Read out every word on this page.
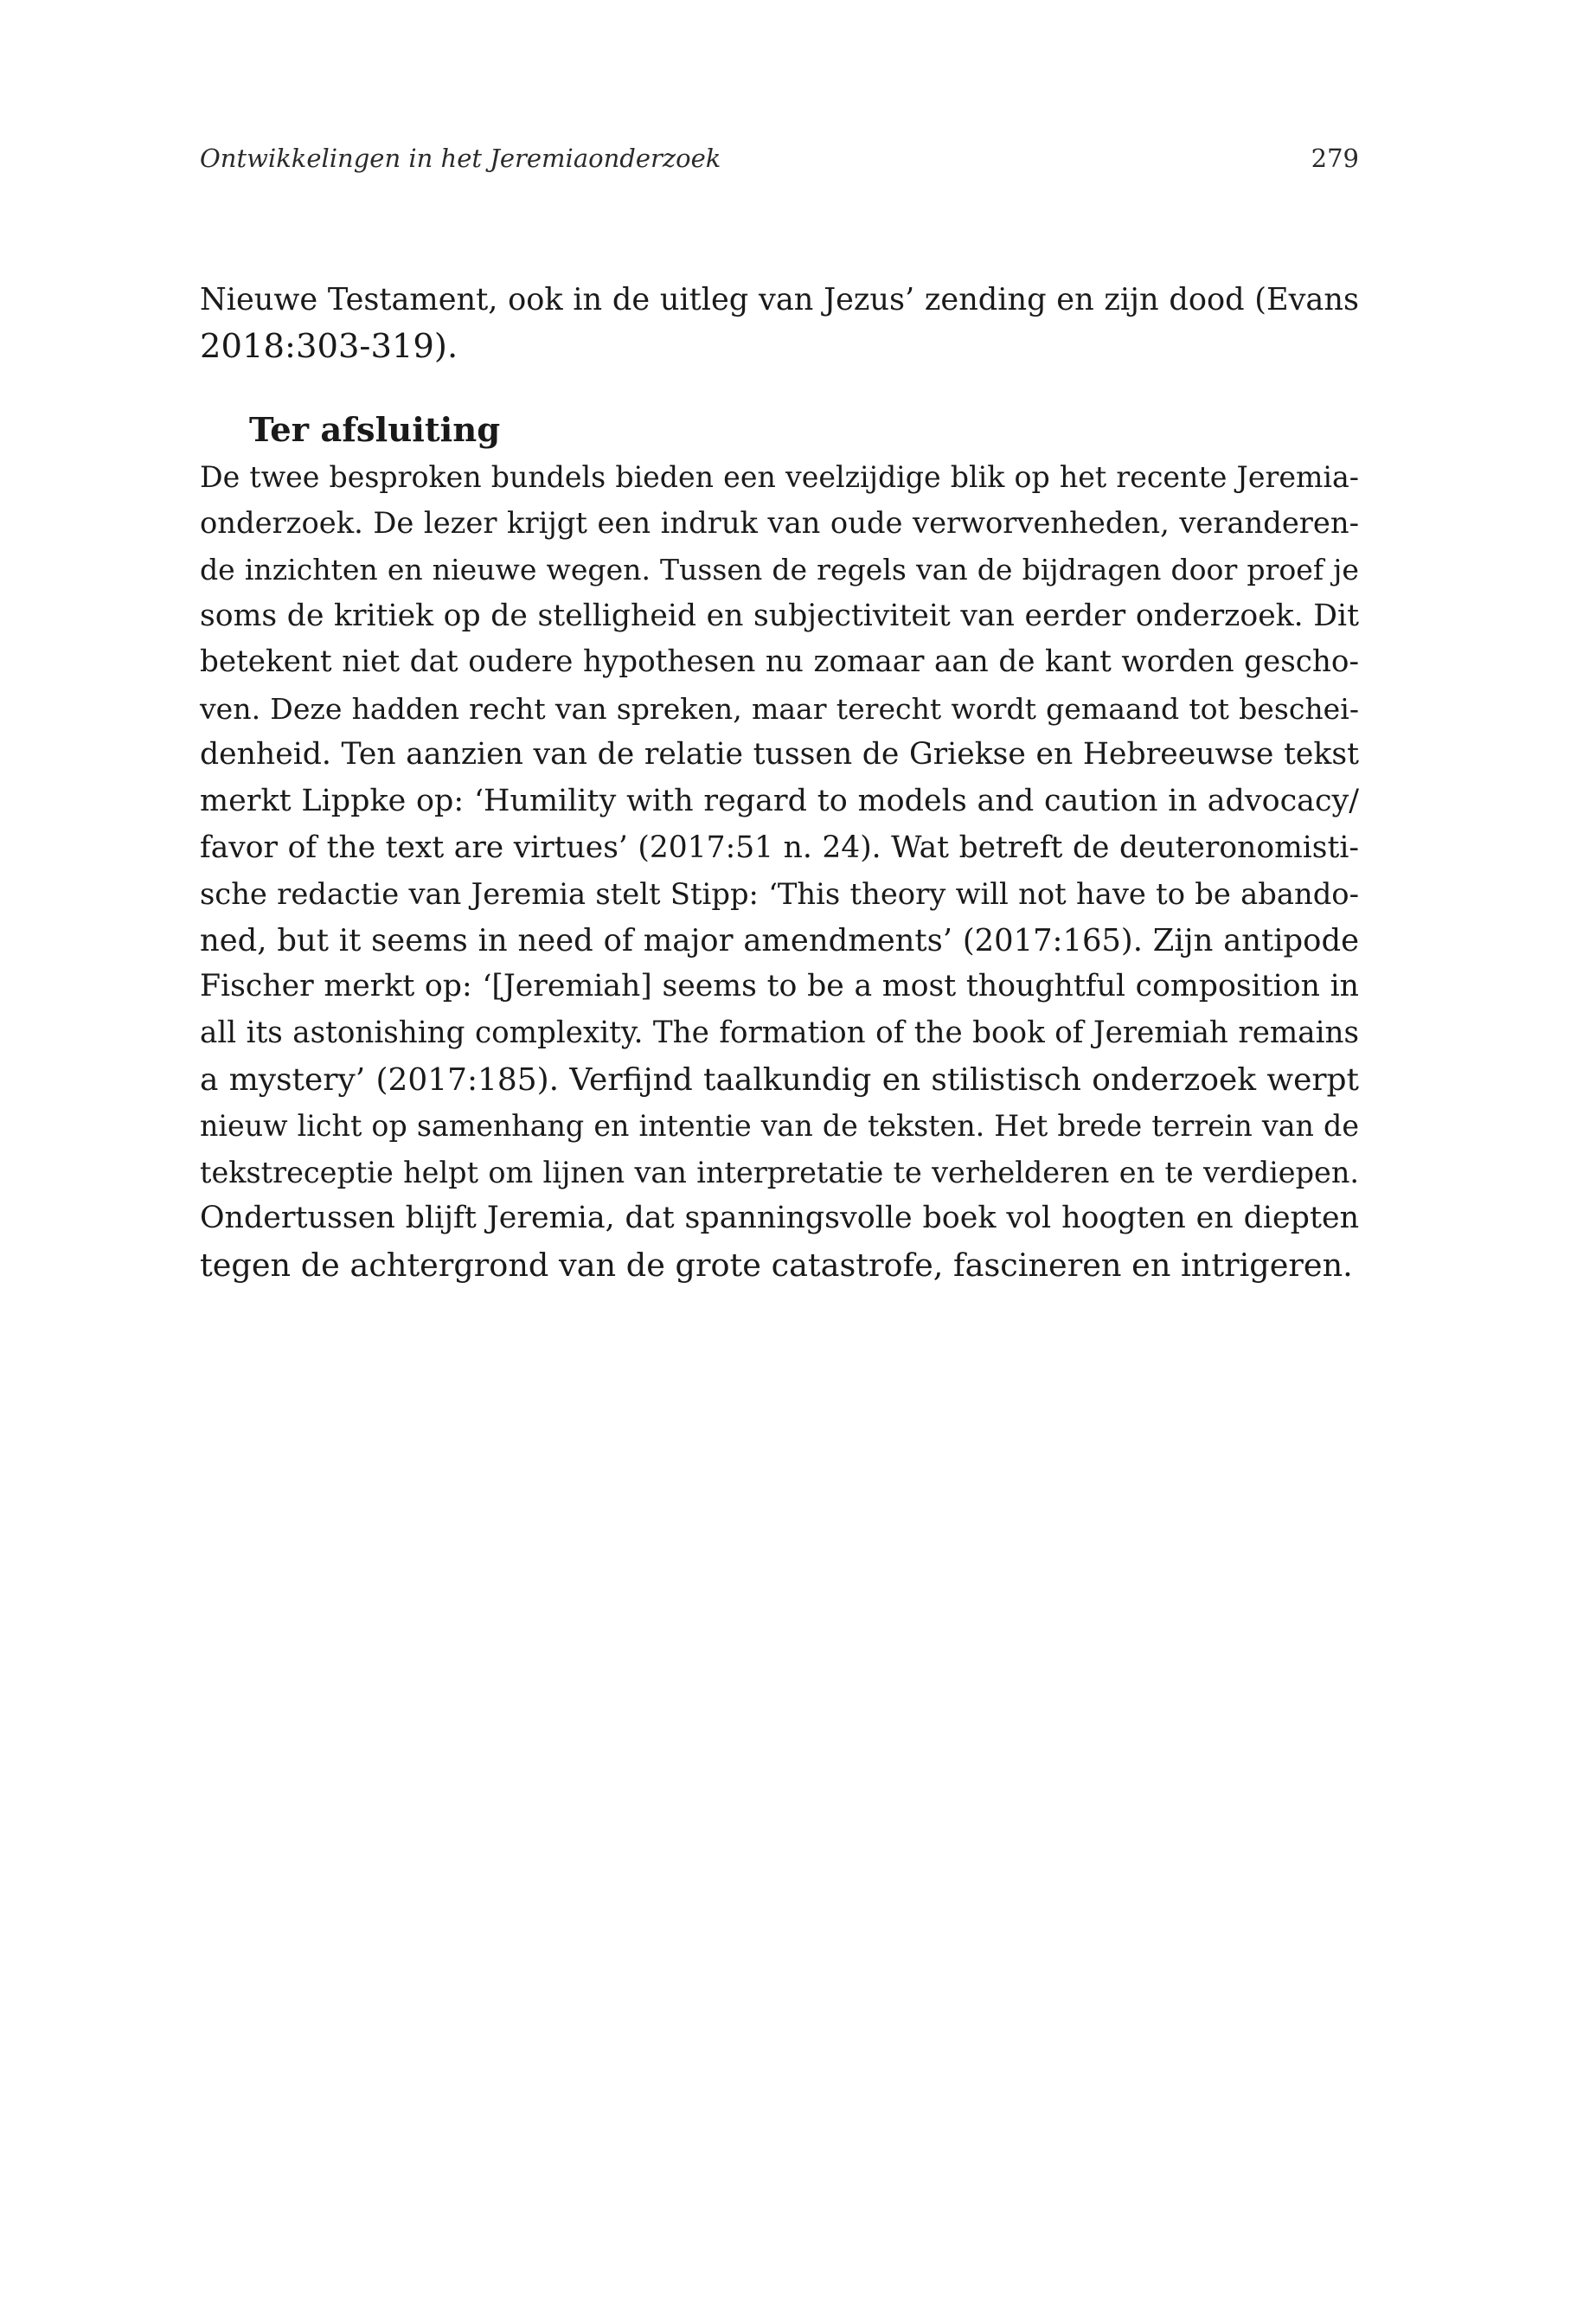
Ontwikkelingen in het Jeremiaonderzoek	279
Nieuwe Testament, ook in de uitleg van Jezus’ zending en zijn dood (Evans
2018:303-319).
Ter afsluiting
De twee besproken bundels bieden een veelzijdige blik op het recente Jeremia-
onderzoek. De lezer krijgt een indruk van oude verworvenheden, veranderen-
de inzichten en nieuwe wegen. Tussen de regels van de bijdragen door proef je
soms de kritiek op de stelligheid en subjectiviteit van eerder onderzoek. Dit
betekent niet dat oudere hypothesen nu zomaar aan de kant worden gescho-
ven. Deze hadden recht van spreken, maar terecht wordt gemaand tot beschei-
denheid. Ten aanzien van de relatie tussen de Griekse en Hebreeuwse tekst
merkt Lippke op: ‘Humility with regard to models and caution in advocacy/
favor of the text are virtues’ (2017:51 n. 24). Wat betreft de deuteronomisti-
sche redactie van Jeremia stelt Stipp: ‘This theory will not have to be abando-
ned, but it seems in need of major amendments’ (2017:165). Zijn antipode
Fischer merkt op: ‘[Jeremiah] seems to be a most thoughtful composition in
all its astonishing complexity. The formation of the book of Jeremiah remains
a mystery’ (2017:185). Verfijnd taalkundig en stilistisch onderzoek werpt
nieuw licht op samenhang en intentie van de teksten. Het brede terrein van de
tekstreceptie helpt om lijnen van interpretatie te verhelderen en te verdiepen.
Ondertussen blijft Jeremia, dat spanningsvolle boek vol hoogten en diepten
tegen de achtergrond van de grote catastrofe, fascineren en intrigeren.
